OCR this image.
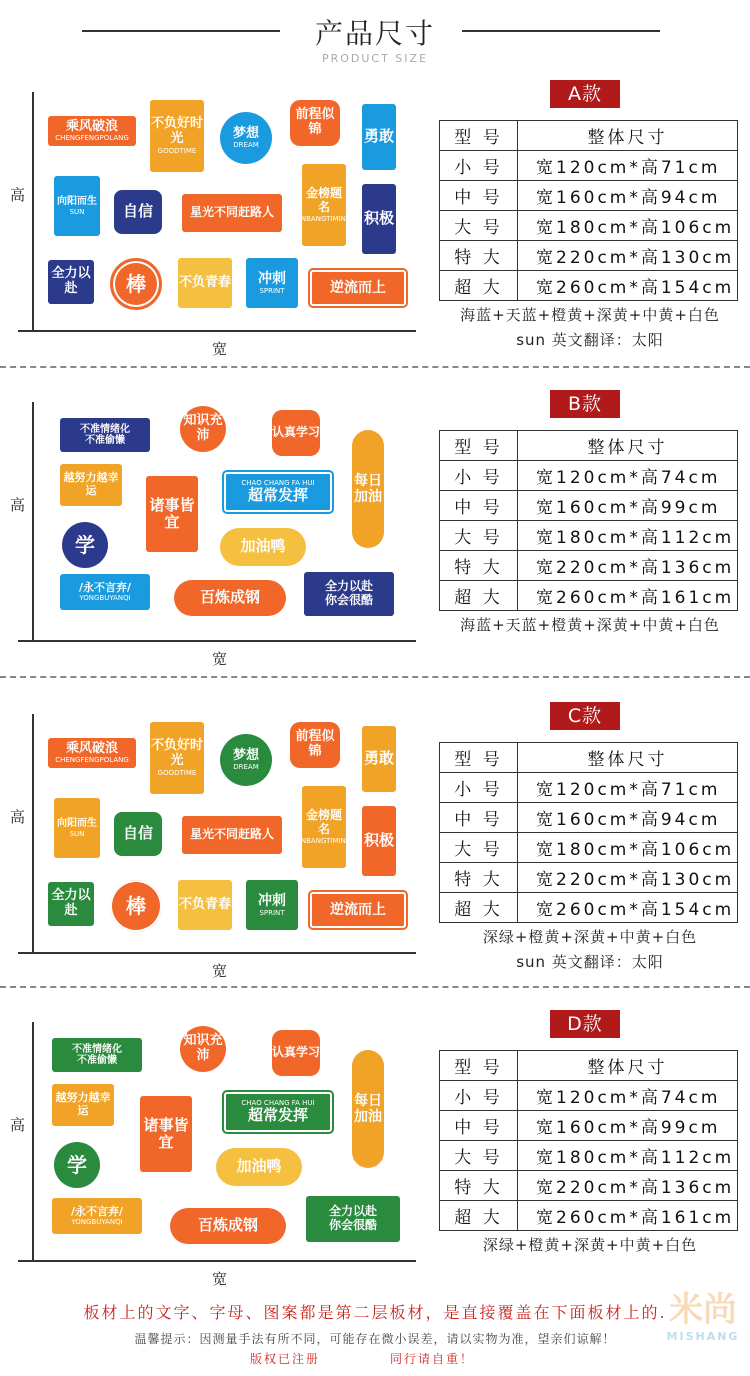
产品尺寸
PRODUCT SIZE
高
宽
乘风破浪
CHENGFENGPOLANG
不负好时光
GOODTIME
梦想
DREAM
前程似锦	勇敢
向阳而生
SUN	自信	星光不同赶路人
金榜题名
JINBANGTIMING 积极
全力以赴	棒	不负青春 冲刺
SPRINT	逆流而上
A款
型 号	整体尺寸
小 号	宽120cm*高71cm
中 号	宽160cm*高94cm
大 号	宽180cm*高106cm
特 大	宽220cm*高130cm
超 大	宽260cm*高154cm
海蓝+天蓝+橙黄+深黄+中黄+白色
sun 英文翻译：太阳
高
宽
不准情绪化
不准偷懒
知识充沛	认真学习
每日加油
越努力越幸运
诸事皆宜
CHAO CHANG FA HUI
超常发挥
学	加油鸭
/永不言弃/
YONGBUYANQI	百炼成钢
全力以赴
你会很酷
B款
型 号	整体尺寸
小 号	宽120cm*高74cm
中 号	宽160cm*高99cm
大 号	宽180cm*高112cm
特 大	宽220cm*高136cm
超 大	宽260cm*高161cm
海蓝+天蓝+橙黄+深黄+中黄+白色
高
宽
乘风破浪
CHENGFENGPOLANG
不负好时光
GOODTIME
梦想
DREAM
前程似锦	勇敢
向阳而生
SUN	自信	星光不同赶路人
金榜题名
JINBANGTIMING 积极
全力以赴	棒	不负青春 冲刺
SPRINT	逆流而上
C款
型 号	整体尺寸
小 号	宽120cm*高71cm
中 号	宽160cm*高94cm
大 号	宽180cm*高106cm
特 大	宽220cm*高130cm
超 大	宽260cm*高154cm
深绿+橙黄+深黄+中黄+白色
sun 英文翻译：太阳
高
宽
不准情绪化
不准偷懒
知识充沛	认真学习
每日加油
越努力越幸运
诸事皆宜
CHAO CHANG FA HUI
超常发挥
学	加油鸭
/永不言弃/
YONGBUYANQI	百炼成钢
全力以赴
你会很酷
D款
型 号	整体尺寸
小 号	宽120cm*高74cm
中 号	宽160cm*高99cm
大 号	宽180cm*高112cm
特 大	宽220cm*高136cm
超 大	宽260cm*高161cm
深绿+橙黄+深黄+中黄+白色
板材上的文字、字母、图案都是第二层板材，是直接覆盖在下面板材上的.
温馨提示：因测量手法有所不同，可能存在微小误差，请以实物为准，望亲们谅解！
版权已注册	同行请自重！
米尚
MISHANG
